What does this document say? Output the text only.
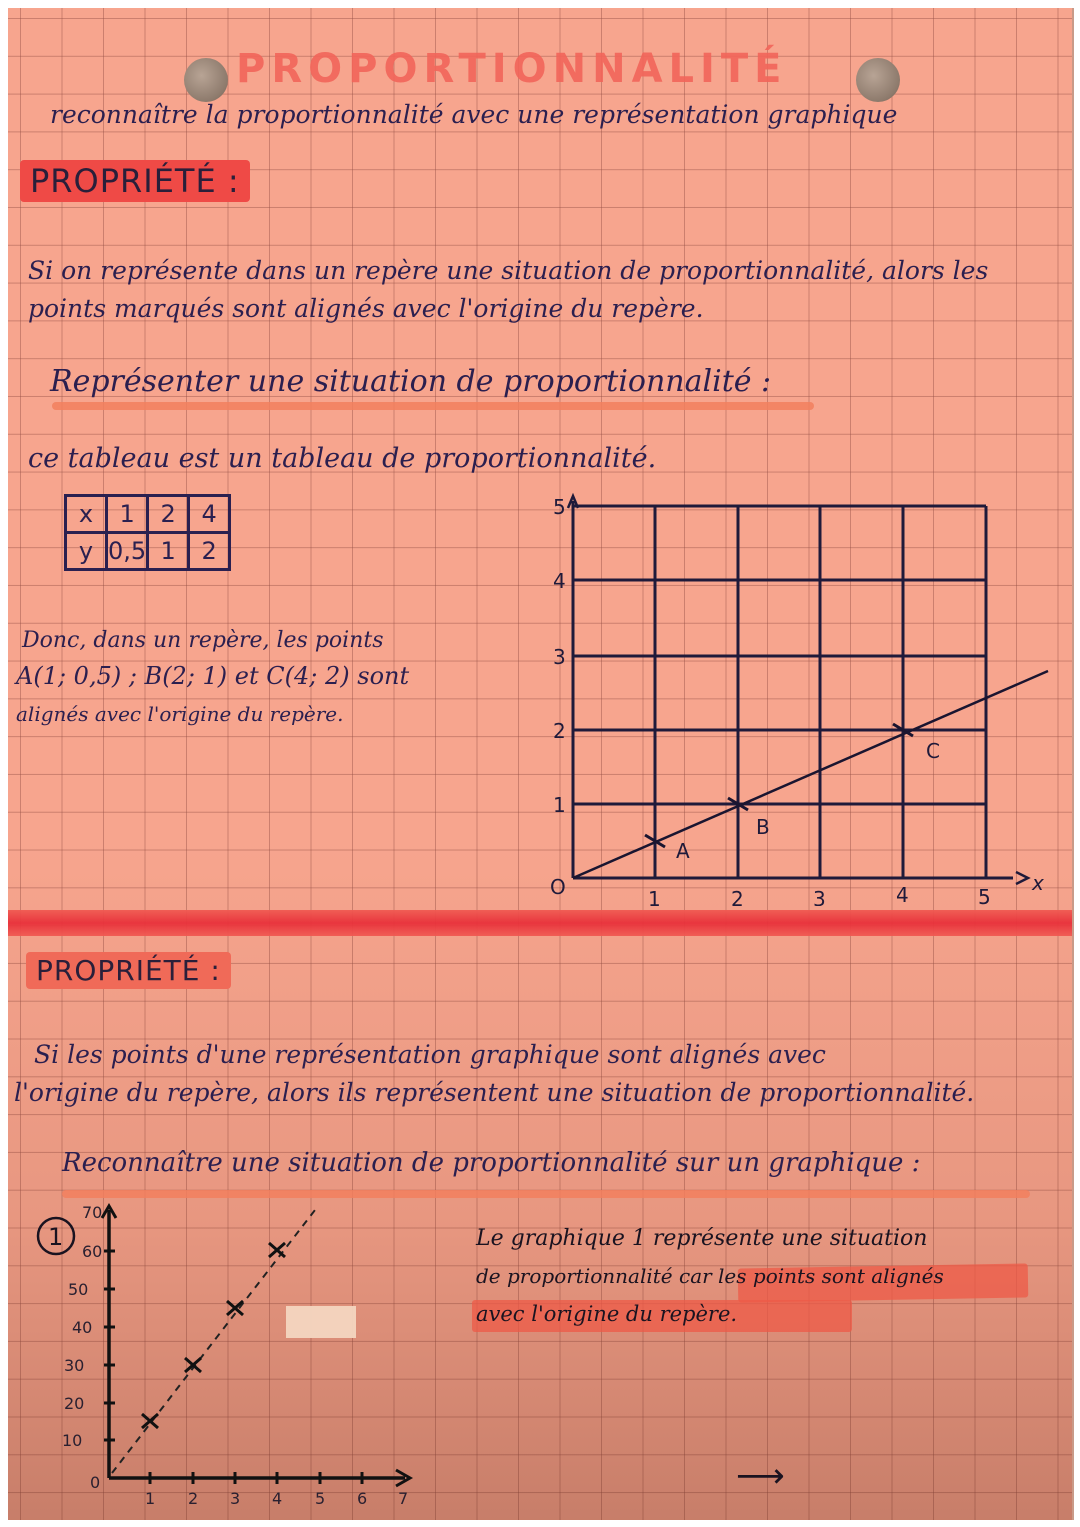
PROPORTIONNALITÉ
reconnaître la proportionnalité avec une représentation graphique
PROPRIÉTÉ :
Si on représente dans un repère une situation de proportionnalité, alors les
points marqués sont alignés avec l'origine du repère.
Représenter une situation de proportionnalité :
ce tableau est un tableau de proportionnalité.
x	1	2	4
y	0,5	1	2
Donc, dans un repère, les points
A(1; 0,5) ; B(2; 1) et C(4; 2) sont
alignés avec l'origine du repère.
A
B
C
O	1	2	3	4	5
x
1
2
3
4
5
PROPRIÉTÉ :
Si les points d'une représentation graphique sont alignés avec
l'origine du repère, alors ils représentent une situation de proportionnalité.
Reconnaître une situation de proportionnalité sur un graphique :
1
70
60
50
40
30
20
10
0
1 2 3 4 5 6 7
Le graphique 1 représente une situation
de proportionnalité car les points sont alignés
avec l'origine du repère.
⟶
